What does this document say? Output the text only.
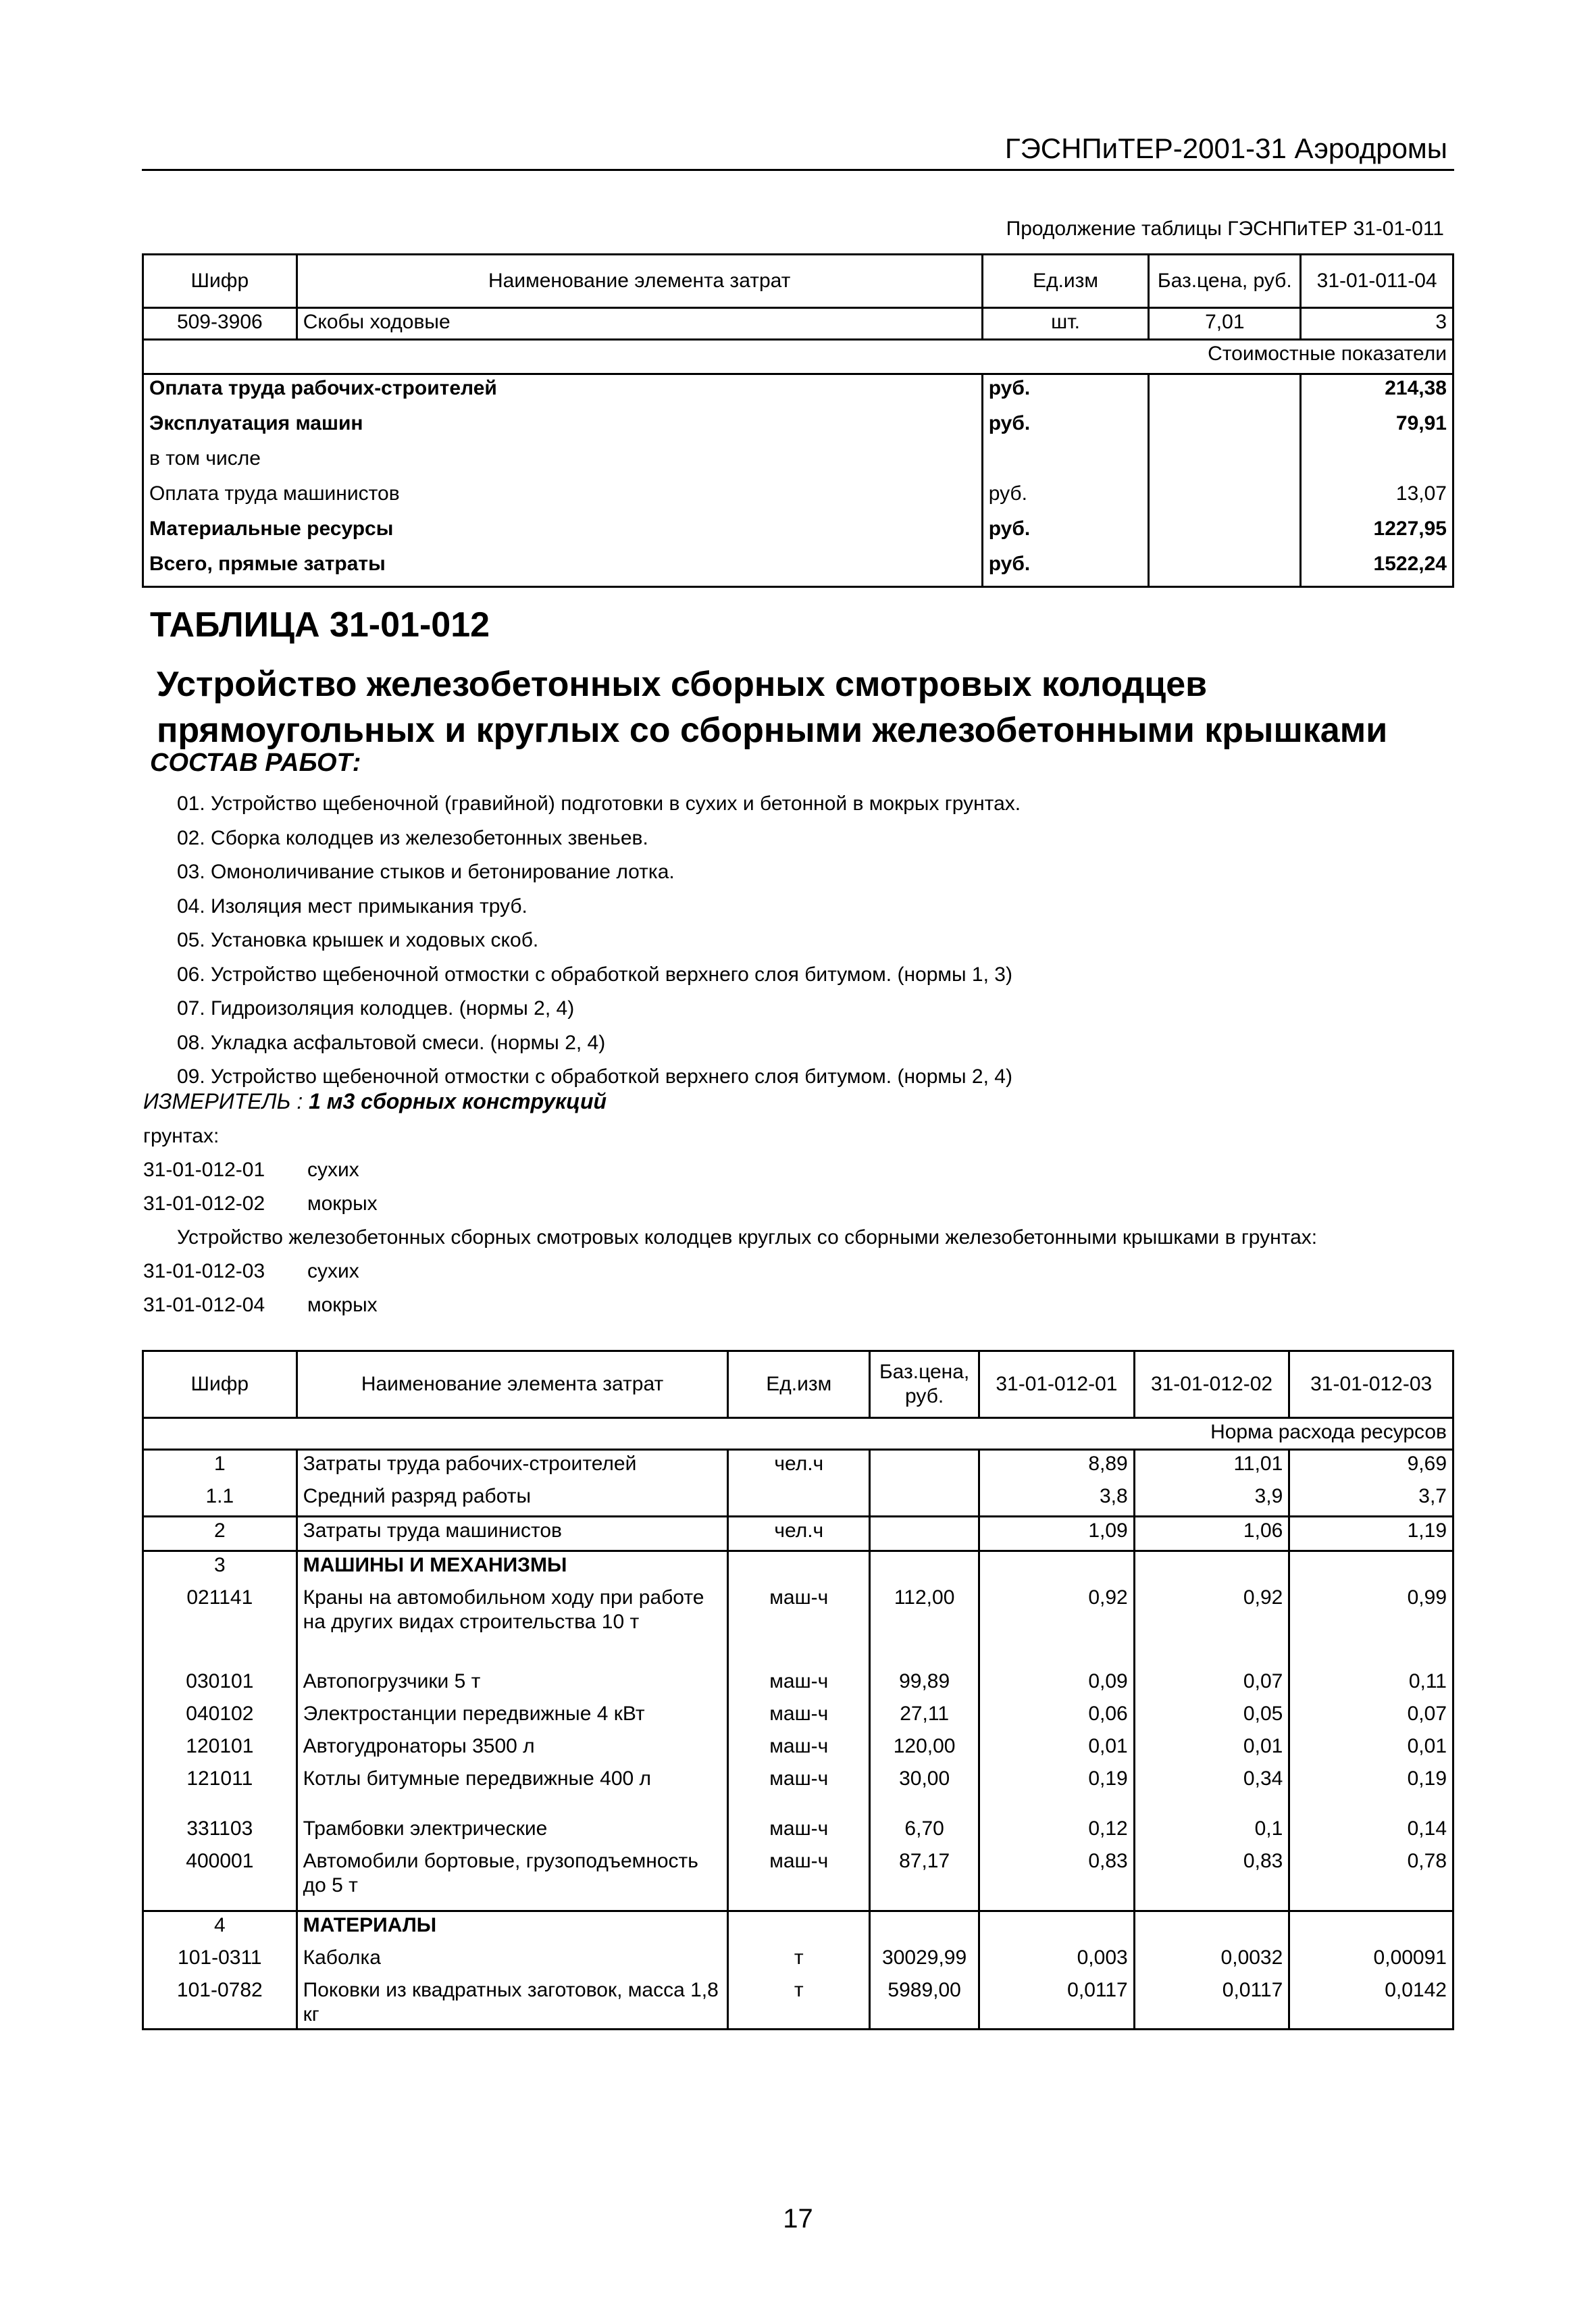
ГЭСНПиТЕР-2001-31 Аэродромы
Продолжение таблицы ГЭСНПиТЕР 31-01-011
Шифр	Наименование элемента затрат	Ед.изм	Баз.цена, руб.	31-01-011-04
509-3906	Скобы ходовые	шт.	7,01	3
Стоимостные показатели				
Оплата труда рабочих-строителей		руб.		214,38
Эксплуатация машин		руб.		79,91
в том числе				
Оплата труда машинистов		руб.		13,07
Материальные ресурсы		руб.		1227,95
Всего, прямые затраты		руб.		1522,24
ТАБЛИЦА 31-01-012
Устройство железобетонных сборных смотровых колодцев прямоугольных и круглых со сборными железобетонными крышками
СОСТАВ РАБОТ:
01. Устройство щебеночной (гравийной) подготовки в сухих и бетонной в мокрых грунтах.
02. Сборка колодцев из железобетонных звеньев.
03. Омоноличивание стыков и бетонирование лотка.
04. Изоляция мест примыкания труб.
05. Установка крышек и ходовых скоб.
06. Устройство щебеночной отмостки с обработкой верхнего слоя битумом. (нормы 1, 3)
07. Гидроизоляция колодцев. (нормы 2, 4)
08. Укладка асфальтовой смеси. (нормы 2, 4)
09. Устройство щебеночной отмостки с обработкой верхнего слоя битумом. (нормы 2, 4)
ИЗМЕРИТЕЛЬ : 1 м3 сборных конструкций
грунтах:
31-01-012-01 сухих
31-01-012-02 мокрых
Устройство железобетонных сборных смотровых колодцев круглых со сборными железобетонными крышками в грунтах:
31-01-012-03 сухих
31-01-012-04 мокрых
Шифр	Наименование элемента затрат	Ед.изм	Баз.цена, руб.	31-01-012-01	31-01-012-02	31-01-012-03
Норма расхода ресурсов						
1	Затраты труда рабочих-строителей	чел.ч		8,89	11,01	9,69
1.1	Средний разряд работы			3,8	3,9	3,7
2	Затраты труда машинистов	чел.ч		1,09	1,06	1,19
3	МАШИНЫ И МЕХАНИЗМЫ					
021141	Краны на автомобильном ходу при работе на других видах строительства 10 т	маш-ч	112,00	0,92	0,92	0,99
030101	Автопогрузчики 5 т	маш-ч	99,89	0,09	0,07	0,11
040102	Электростанции передвижные 4 кВт	маш-ч	27,11	0,06	0,05	0,07
120101	Автогудронаторы 3500 л	маш-ч	120,00	0,01	0,01	0,01
121011	Котлы битумные передвижные 400 л	маш-ч	30,00	0,19	0,34	0,19
331103	Трамбовки электрические	маш-ч	6,70	0,12	0,1	0,14
400001	Автомобили бортовые, грузоподъемность до 5 т	маш-ч	87,17	0,83	0,83	0,78
4	МАТЕРИАЛЫ					
101-0311	Каболка	т	30029,99	0,003	0,0032	0,00091
101-0782	Поковки из квадратных заготовок, масса 1,8 кг	т	5989,00	0,0117	0,0117	0,0142
17
